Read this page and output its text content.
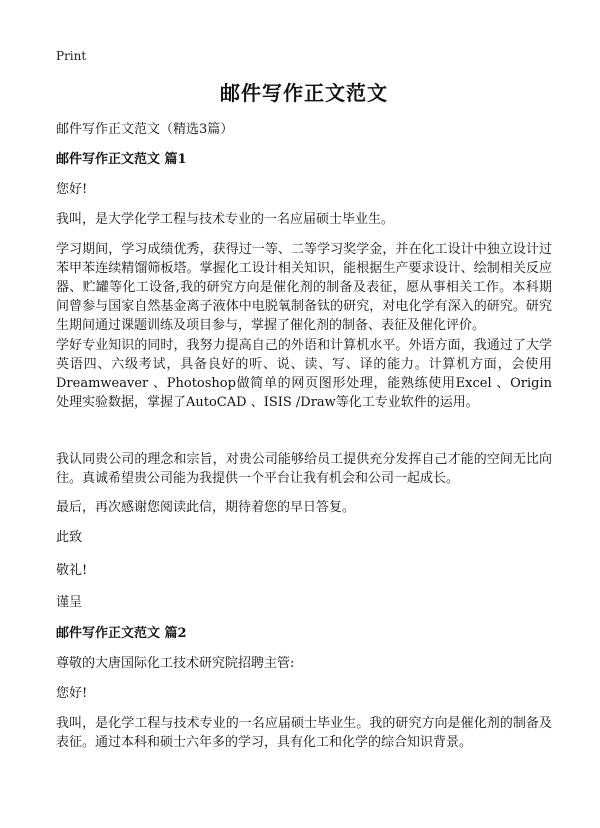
Print
邮件写作正文范文
邮件写作正文范文（精选3篇）
邮件写作正文范文 篇1

您好!

我叫，是大学化学工程与技术专业的一名应届硕士毕业生。

学习期间，学习成绩优秀，获得过一等、二等学习奖学金，并在化工设计中独立设计过苯甲苯连续精馏筛板塔。掌握化工设计相关知识，能根据生产要求设计、绘制相关反应器、贮罐等化工设备,我的研究方向是催化剂的制备及表征，愿从事相关工作。本科期间曾参与国家自然基金离子液体中电脱氧制备钛的研究，对电化学有深入的研究。研究生期间通过课题训练及项目参与，掌握了催化剂的制备、表征及催化评价。

学好专业知识的同时，我努力提高自己的外语和计算机水平。外语方面，我通过了大学英语四、六级考试，具备良好的听、说、读、写、译的能力。计算机方面，会使用Dreamweaver 、Photoshop做简单的网页图形处理，能熟练使用Excel 、Origin 处理实验数据，掌握了AutoCAD 、ISIS /Draw等化工专业软件的运用。

我认同贵公司的理念和宗旨，对贵公司能够给员工提供充分发挥自己才能的空间无比向往。真诚希望贵公司能为我提供一个平台让我有机会和公司一起成长。

最后，再次感谢您阅读此信，期待着您的早日答复。

此致

敬礼!

谨呈

邮件写作正文范文 篇2

尊敬的大唐国际化工技术研究院招聘主管:

您好!

我叫，是化学工程与技术专业的一名应届硕士毕业生。我的研究方向是催化剂的制备及表征。通过本科和硕士六年多的学习，具有化工和化学的综合知识背景。
